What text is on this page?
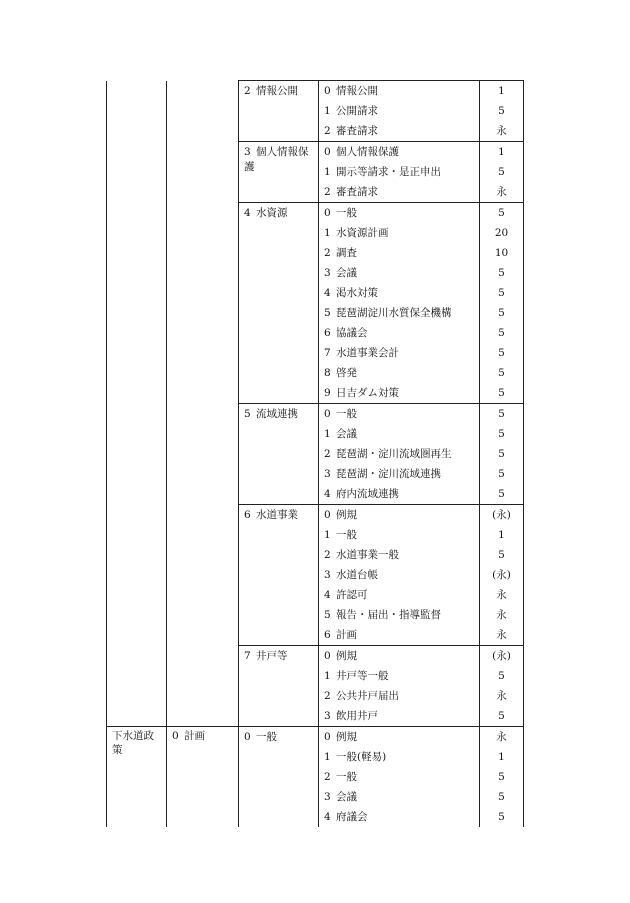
		2 情報公開	0 情報公開	1
			1 公開請求	5
			2 審査請求	永
		3 個人情報保護	0 個人情報保護	1
			1 開示等請求・是正申出	5
			2 審査請求	永
		4 水資源	0 一般	5
			1 水資源計画	20
			2 調査	10
			3 会議	5
			4 渇水対策	5
			5 琵琶湖淀川水質保全機構	5
			6 協議会	5
			7 水道事業会計	5
			8 啓発	5
			9 日吉ダム対策	5
		5 流域連携	0 一般	5
			1 会議	5
			2 琵琶湖・淀川流域圏再生	5
			3 琵琶湖・淀川流域連携	5
			4 府内流域連携	5
		6 水道事業	0 例規	(永)
			1 一般	1
			2 水道事業一般	5
			3 水道台帳	(永)
			4 許認可	永
			5 報告・届出・指導監督	永
			6 計画	永
		7 井戸等	0 例規	(永)
			1 井戸等一般	5
			2 公共井戸届出	永
			3 飲用井戸	5
下水道政策	0 計画	0 一般	0 例規	永
			1 一般(軽易)	1
			2 一般	5
			3 会議	5
			4 府議会	5
